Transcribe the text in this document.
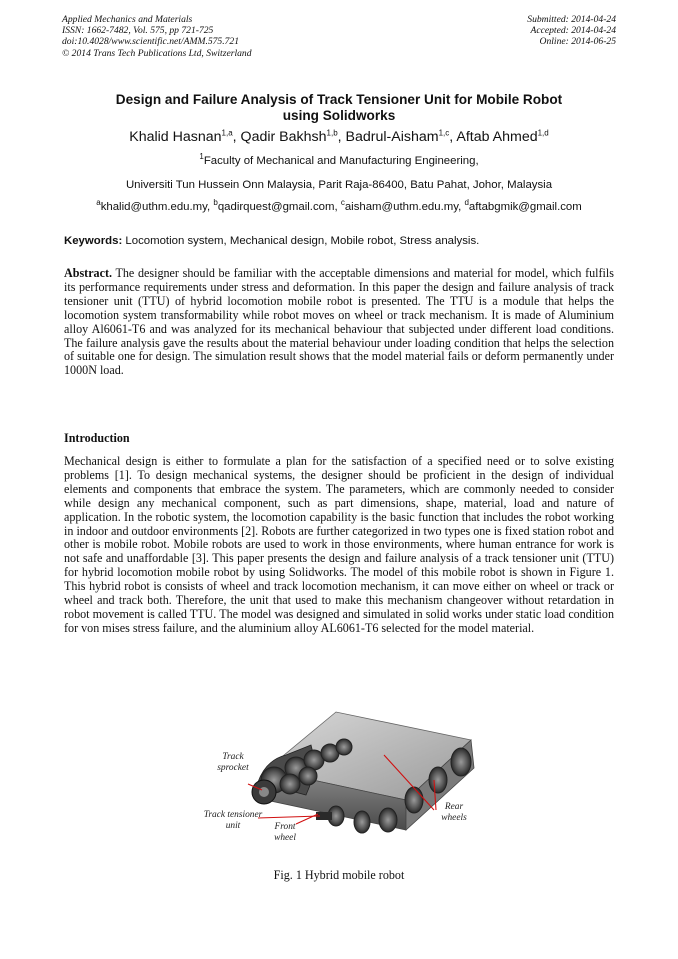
Applied Mechanics and Materials
ISSN: 1662-7482, Vol. 575, pp 721-725
doi:10.4028/www.scientific.net/AMM.575.721
© 2014 Trans Tech Publications Ltd, Switzerland
Submitted: 2014-04-24
Accepted: 2014-04-24
Online: 2014-06-25
Design and Failure Analysis of Track Tensioner Unit for Mobile Robot
using Solidworks
Khalid Hasnan$^{1,a}$, Qadir Bakhsh$^{1,b}$, Badrul-Aisham$^{1,c}$, Aftab Ahmed$^{1,d}$
$^1$Faculty of Mechanical and Manufacturing Engineering,
Universiti Tun Hussein Onn Malaysia, Parit Raja-86400, Batu Pahat, Johor, Malaysia
$^a$khalid@uthm.edu.my, $^b$qadirquest@gmail.com, $^c$aisham@uthm.edu.my, $^d$aftabgmik@gmail.com
Keywords: Locomotion system, Mechanical design, Mobile robot, Stress analysis.
Abstract. The designer should be familiar with the acceptable dimensions and material for model, which fulfils its performance requirements under stress and deformation. In this paper the design and failure analysis of track tensioner unit (TTU) of hybrid locomotion mobile robot is presented. The TTU is a module that helps the locomotion system transformability while robot moves on wheel or track mechanism. It is made of Aluminium alloy Al6061-T6 and was analyzed for its mechanical behaviour that subjected under different load conditions. The failure analysis gave the results about the material behaviour under loading condition that helps the selection of suitable one for design. The simulation result shows that the model material fails or deform permanently under 1000N load.
Introduction
Mechanical design is either to formulate a plan for the satisfaction of a specified need or to solve existing problems [1]. To design mechanical systems, the designer should be proficient in the design of individual elements and components that embrace the system. The parameters, which are commonly needed to consider while design any mechanical component, such as part dimensions, shape, material, load and nature of application. In the robotic system, the locomotion capability is the basic function that includes the robot working in indoor and outdoor environments [2]. Robots are further categorized in two types one is fixed station robot and other is mobile robot. Mobile robots are used to work in those environments, where human entrance for work is not safe and unaffordable [3]. This paper presents the design and failure analysis of a track tensioner unit (TTU) for hybrid locomotion mobile robot by using Solidworks. The model of this mobile robot is shown in Figure 1. This hybrid robot is consists of wheel and track locomotion mechanism, it can move either on wheel or track or wheel and track both. Therefore, the unit that used to make this mechanism changeover without retardation in robot movement is called TTU. The model was designed and simulated in solid works under static load condition for von mises stress failure, and the aluminium alloy AL6061-T6 selected for the model material.
Track sprocket
Track tensioner unit	Front wheel
Rear wheels
Fig. 1 Hybrid mobile robot
